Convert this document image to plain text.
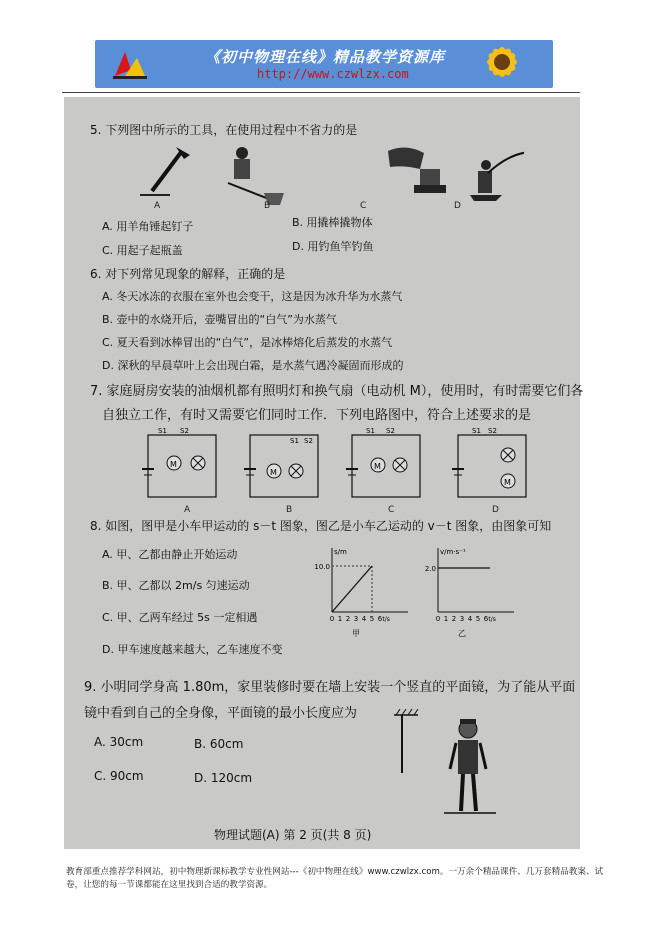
《初中物理在线》精品教学资源库
http://www.czwlzx.com
5. 下列图中所示的工具，在使用过程中不省力的是
A	B	C	D
A. 用羊角锤起钉子	B. 用撬棒撬物体
C. 用起子起瓶盖	D. 用钓鱼竿钓鱼
6. 对下列常见现象的解释，正确的是
A. 冬天冰冻的衣服在室外也会变干，这是因为冰升华为水蒸气
B. 壶中的水烧开后，壶嘴冒出的“白气”为水蒸气
C. 夏天看到冰棒冒出的“白气”，是冰棒熔化后蒸发的水蒸气
D. 深秋的早晨草叶上会出现白霜，是水蒸气遇冷凝固而形成的
7. 家庭厨房安装的油烟机都有照明灯和换气扇（电动机 M），使用时，有时需要它们各
自独立工作，有时又需要它们同时工作．下列电路图中，符合上述要求的是
M
S1 S2
M
S1 S2
M
S1 S2
M
S1 S2
A	B	C	D
8. 如图，图甲是小车甲运动的 s－t 图象，图乙是小车乙运动的 v－t 图象，由图象可知
A. 甲、乙都由静止开始运动
B. 甲、乙都以 2m/s 匀速运动
C. 甲、乙两车经过 5s 一定相遇
D. 甲车速度越来越大，乙车速度不变
s/m
10.0
0 1 2 3 4 5 6 t/s
甲
v/m·s⁻¹
2.0
0 1 2 3 4 5 6 t/s
乙
9. 小明同学身高 1.80m，家里装修时要在墙上安装一个竖直的平面镜，为了能从平面
镜中看到自己的全身像，平面镜的最小长度应为
A. 30cm	B. 60cm
C. 90cm	D. 120cm
物理试题(A) 第 2 页(共 8 页)
教育部重点推荐学科网站，初中物理新课标教学专业性网站---《初中物理在线》www.czwlzx.com。一万余个精品课件、几万套精品教案、试卷，让您的每一节课都能在这里找到合适的教学资源。
